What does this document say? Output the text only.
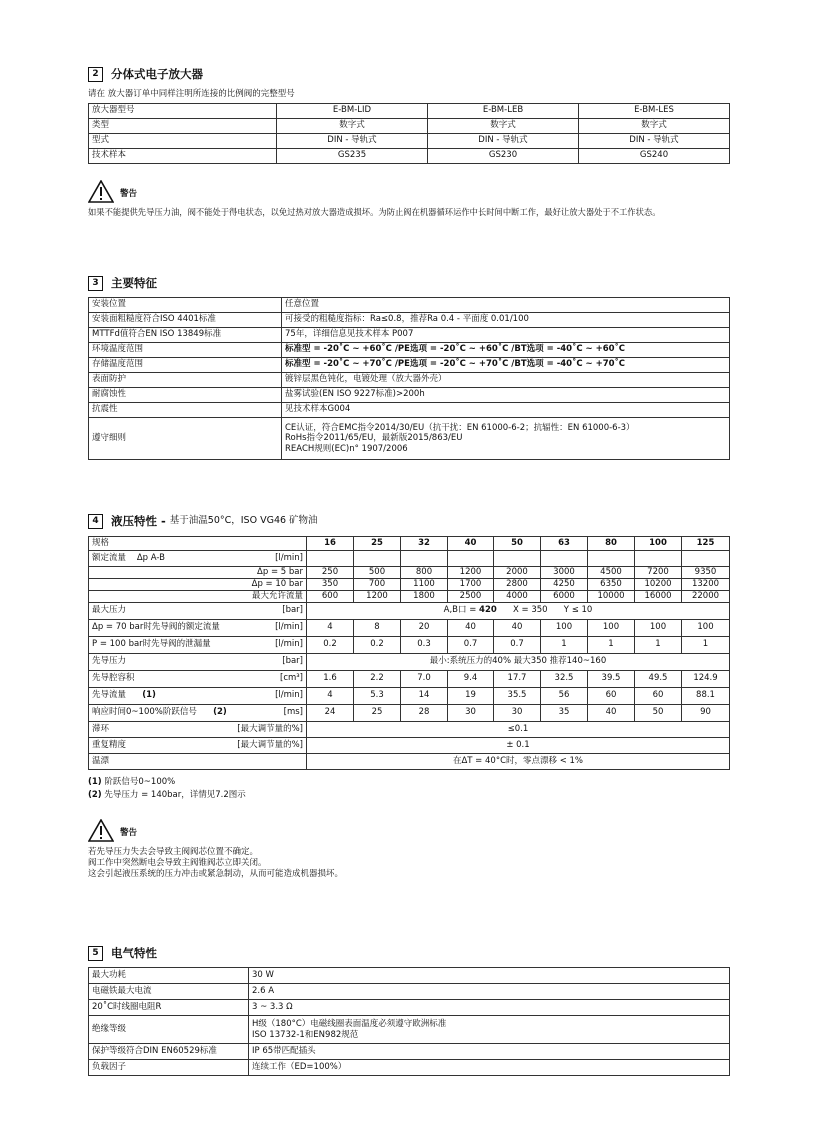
2	分体式电子放大器
请在 放大器订单中同样注明所连接的比例阀的完整型号
放大器型号	E-BM-LID	E-BM-LEB	E-BM-LES
类型	数字式	数字式	数字式
型式	DIN - 导轨式	DIN - 导轨式	DIN - 导轨式
技术样本	GS235	GS230	GS240
警告
如果不能提供先导压力油，阀不能处于得电状态，以免过热对放大器造成损坏。为防止阀在机器循环运作中长时间中断工作，最好让放大器处于不工作状态。
3	主要特征
安装位置	任意位置
安装面粗糙度符合ISO 4401标准	可接受的粗糙度指标：Ra≤0.8，推荐Ra 0.4 - 平面度 0.01/100
MTTFd值符合EN ISO 13849标准	75年，详细信息见技术样本 P007
环境温度范围	标准型 = -20˚C ~ +60˚C /PE选项 = -20˚C ~ +60˚C /BT选项 = -40˚C ~ +60˚C
存储温度范围	标准型 = -20˚C ~ +70˚C /PE选项 = -20˚C ~ +70˚C /BT选项 = -40˚C ~ +70˚C
表面防护	镀锌层黑色钝化，电镀处理（放大器外壳）
耐腐蚀性	盐雾试验(EN ISO 9227标准)>200h
抗震性	见技术样本G004
遵守细则	CE认证，符合EMC指令2014/30/EU（抗干扰：EN 61000-6-2；抗辐性：EN 61000-6-3）
RoHs指令2011/65/EU，最新版2015/863/EU
REACH规则(EC)n° 1907/2006
4	液压特性 - 基于油温50°C，ISO VG46 矿物油
规格	16	25	32	40	50	63	80	100	125

额定流量 Δp A-B [l/min]									

Δp = 5 bar	250	500	800	1200	2000	3000	4500	7200	9350
Δp = 10 bar	350	700	1100	1700	2800	4250	6350	10200	13200
最大允许流量	600	1200	1800	2500	4000	6000	10000	16000	22000

最大压力 [bar]	A,B口 = 420 X = 350 Y ≤ 10								

Δp = 70 bar时先导阀的额定流量 [l/min]	4	8	20	40	40	100	100	100	100

P = 100 bar时先导阀的泄漏量 [l/min]	0.2	0.2	0.3	0.7	0.7	1	1	1	1

先导压力 [bar]	最小:系统压力的40% 最大350 推荐140~160								

先导腔容积 [cm³]	1.6	2.2	7.0	9.4	17.7	32.5	39.5	49.5	124.9

先导流量 (1) [l/min]	4	5.3	14	19	35.5	56	60	60	88.1

响应时间0~100%阶跃信号 (2) [ms]	24	25	28	30	30	35	40	50	90

滞环 [最大调节量的%]	≤0.1								

重复精度 [最大调节量的%]	± 0.1								

温漂	在ΔT = 40°C时，零点漂移 < 1%								
(1) 阶跃信号0~100%
(2) 先导压力 = 140bar，详情见7.2图示
警告
若先导压力失去会导致主阀阀芯位置不确定。
阀工作中突然断电会导致主阀锥阀芯立即关闭。
这会引起液压系统的压力冲击或紧急制动，从而可能造成机器损坏。
5	电气特性
最大功耗	30 W
电磁铁最大电流	2.6 A
20˚C时线圈电阻R	3 ~ 3.3 Ω
绝缘等级	H级（180°C）电磁线圈表面温度必须遵守欧洲标准
ISO 13732-1和EN982规范

保护等级符合DIN EN60529标准	IP 65带匹配插头
负载因子	连续工作（ED=100%）
